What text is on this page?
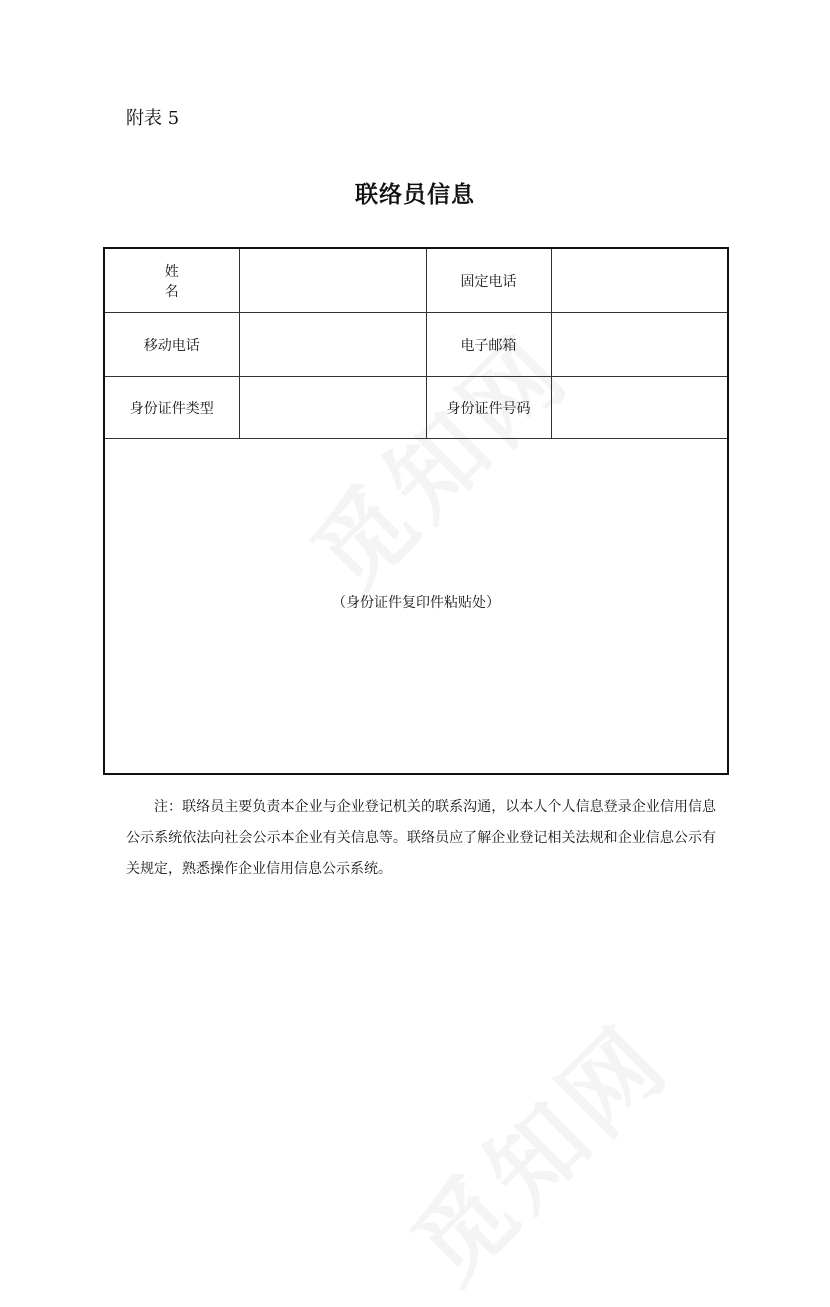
附表 5
联络员信息
姓 名		固定电话	
移动电话		电子邮箱	
身份证件类型		身份证件号码	
（身份证件复印件粘贴处）			
注：联络员主要负责本企业与企业登记机关的联系沟通，以本人个人信息登录企业信用信息公示系统依法向社会公示本企业有关信息等。联络员应了解企业登记相关法规和企业信息公示有关规定，熟悉操作企业信用信息公示系统。
